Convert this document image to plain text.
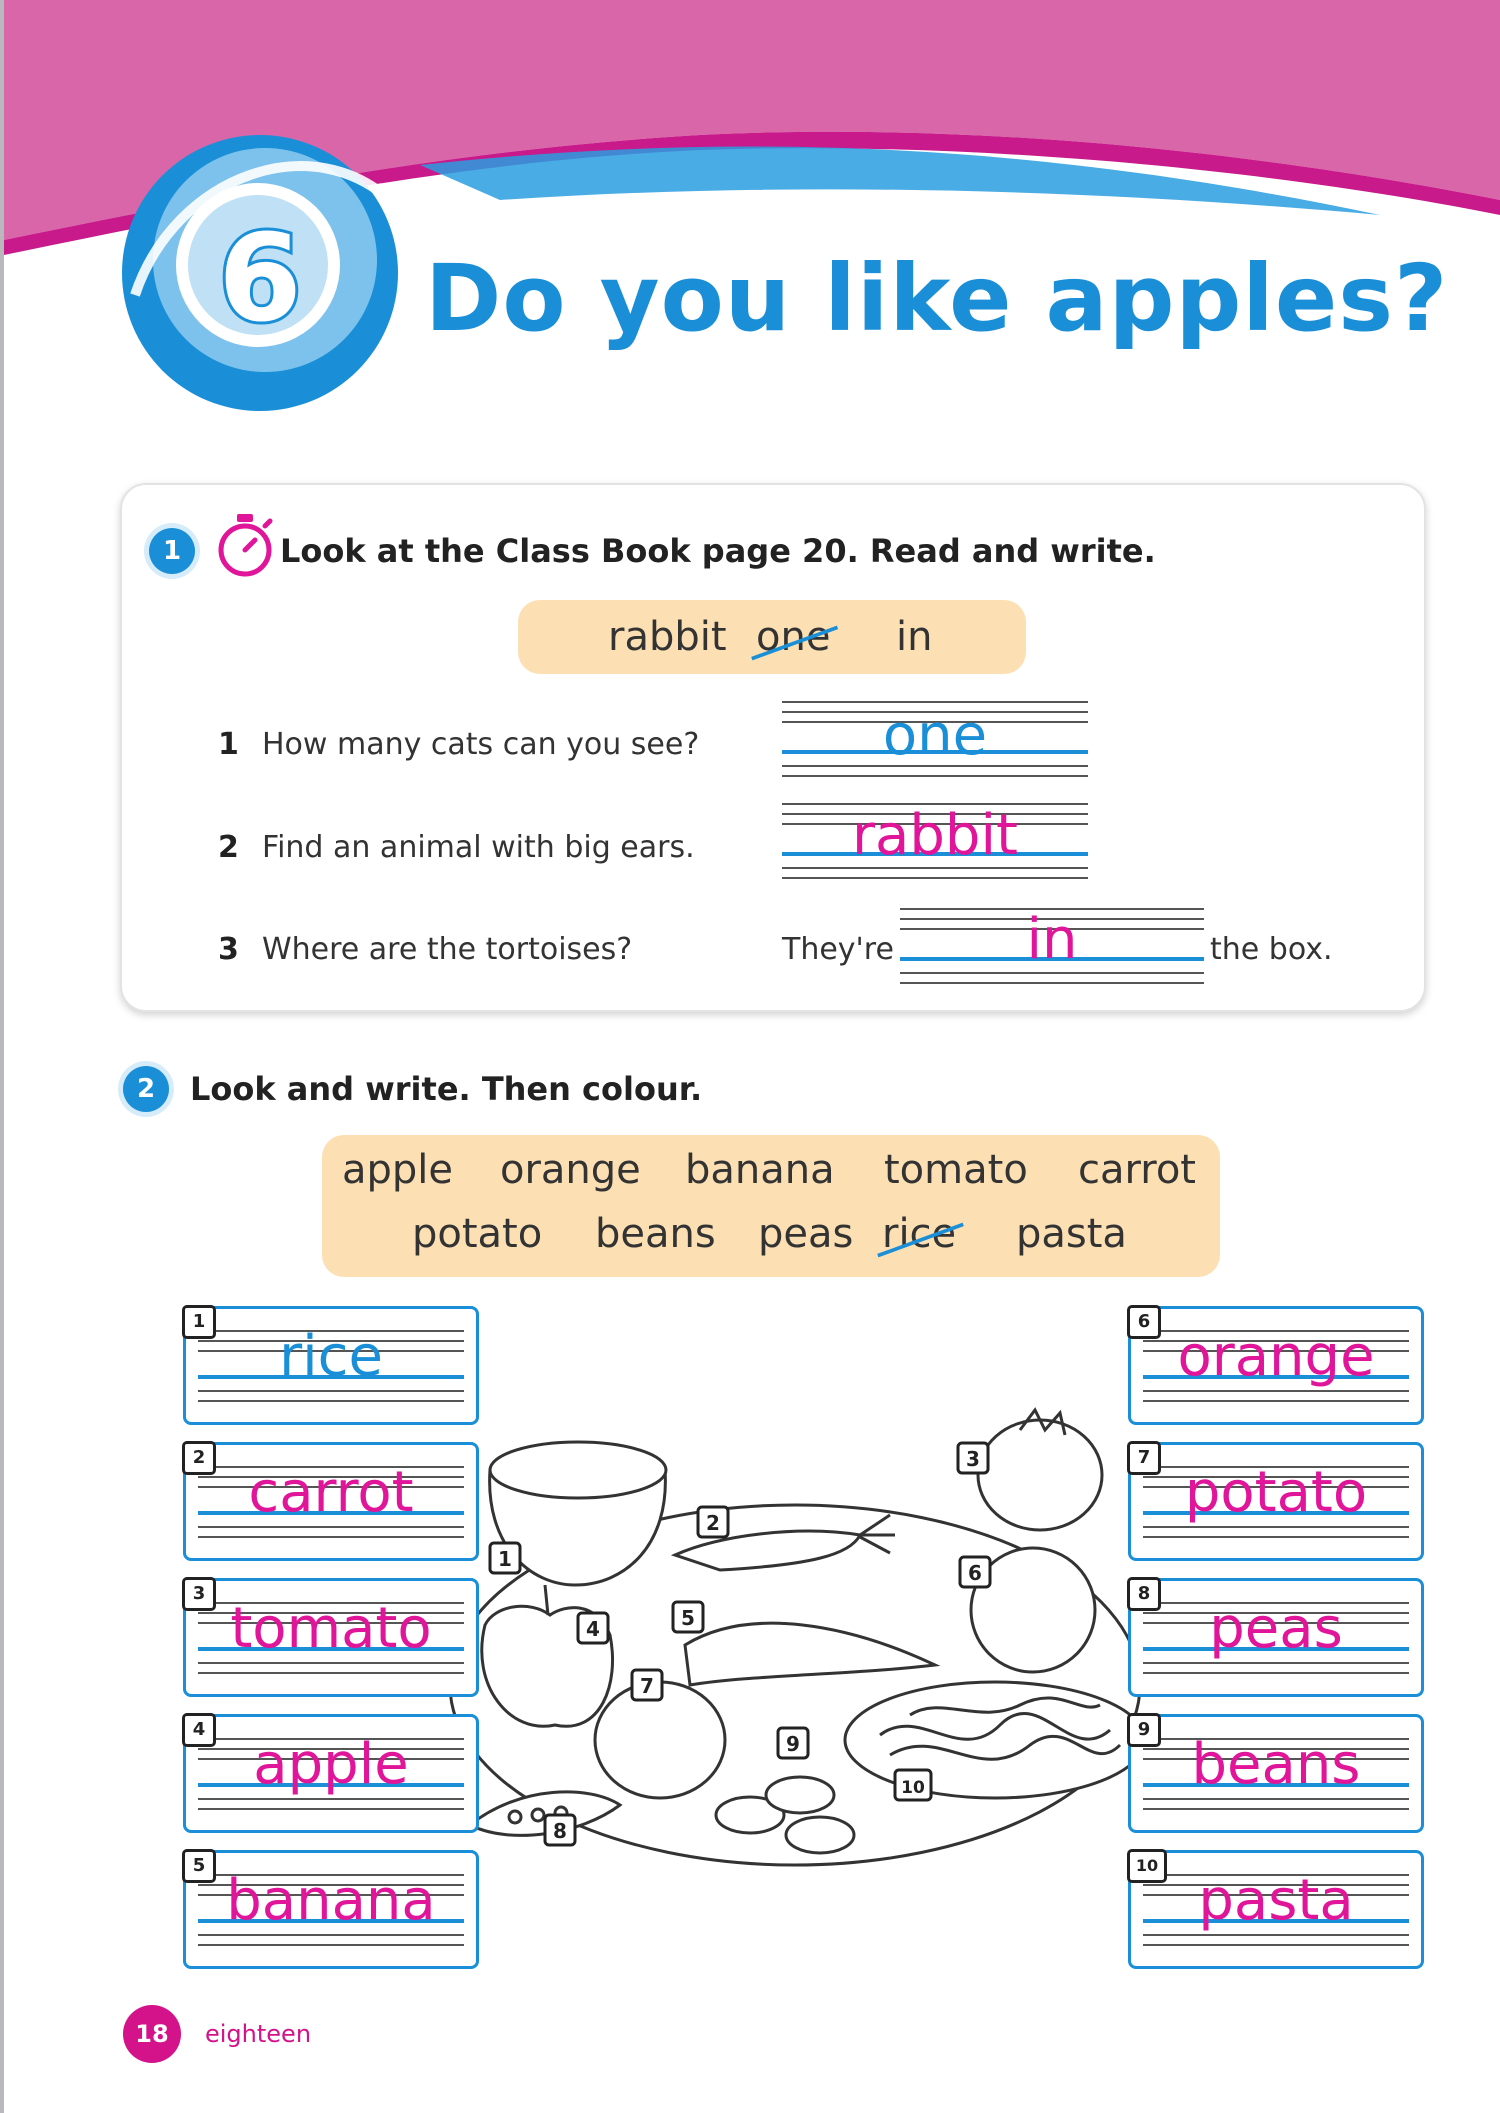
6 Do you like apples?
1	Look at the Class Book page 20. Read and write.
rabbit one in
1 How many cats can you see?	one
2 Find an animal with big ears.	rabbit
3 Where are the tortoises?	They're	in	the box.
2	Look and write. Then colour.
apple orange banana tomato carrot
potato beans peas rice pasta
1
2
3
4	5
6
7
8
9
10
rice
1
carrot
2
tomato
3
apple
4
banana
5
orange
6
potato
7
peas
8
beans
9
pasta
10
18	eighteen
